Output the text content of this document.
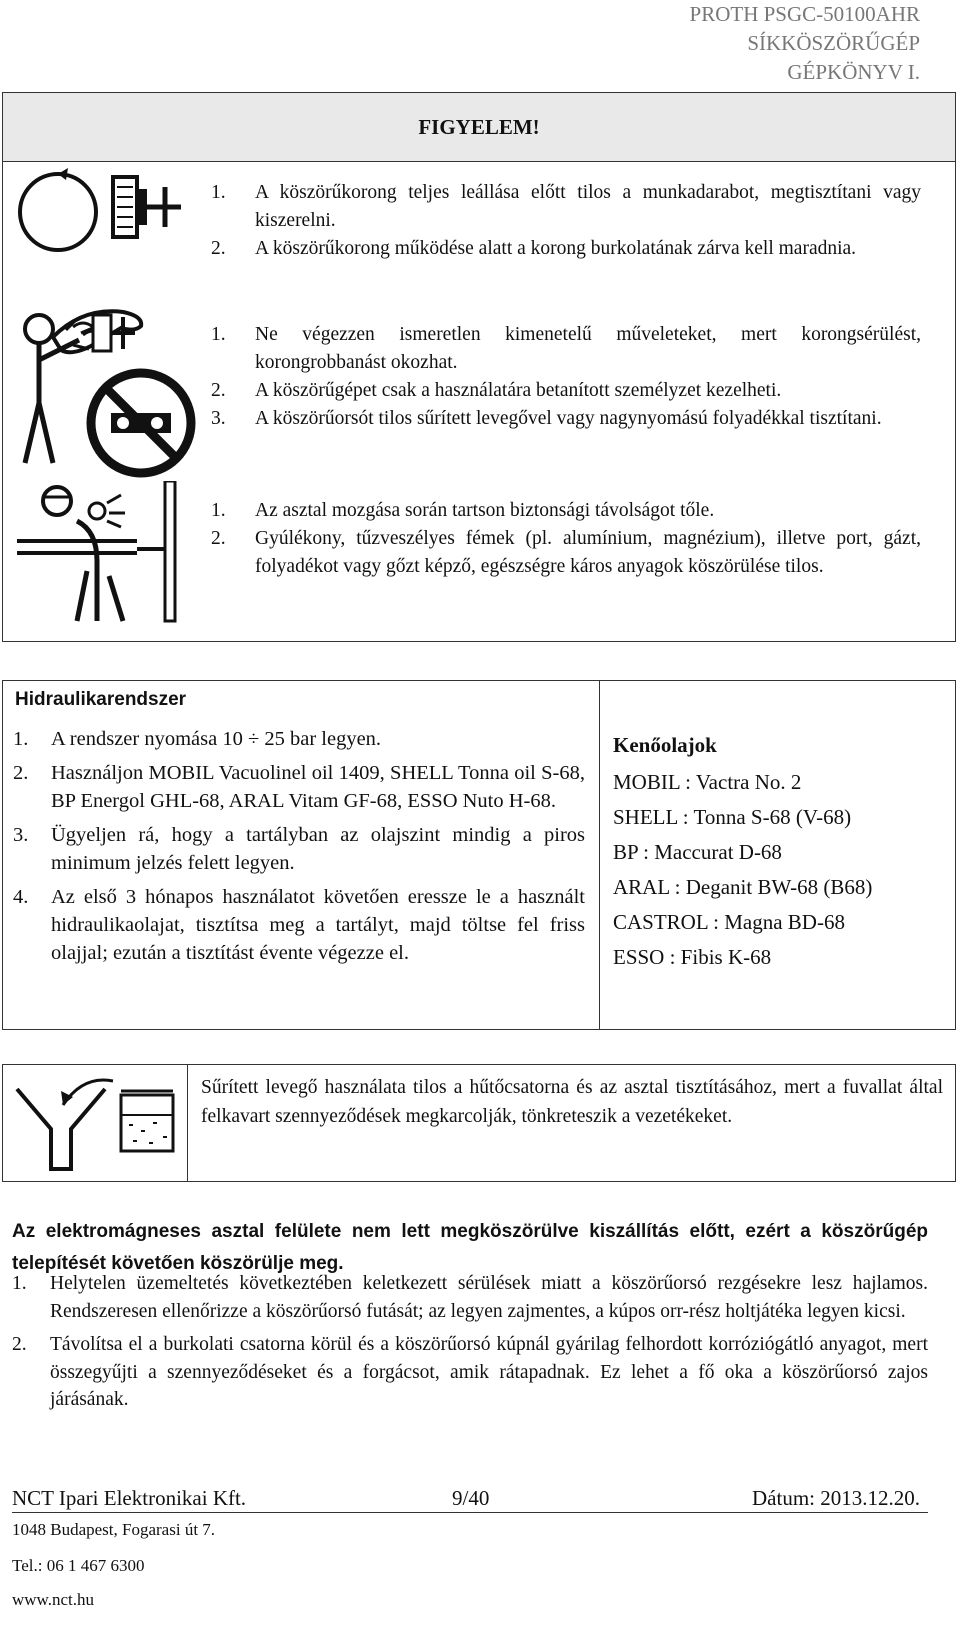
PROTH PSGC-50100AHR
SÍKKÖSZÖRŰGÉP
GÉPKÖNYV I.
FIGYELEM!
1. A köszörűkorong teljes leállása előtt tilos a munkadarabot, megtisztítani vagy kiszerelni.
2. A köszörűkorong működése alatt a korong burkolatának zárva kell maradnia.
1. Ne végezzen ismeretlen kimenetelű műveleteket, mert korongsérülést, korongrobbanást okozhat.
2. A köszörűgépet csak a használatára betanított személyzet kezelheti.
3. A köszörűorsót tilos sűrített levegővel vagy nagynyomású folyadékkal tisztítani.
1. Az asztal mozgása során tartson biztonsági távolságot tőle.
2. Gyúlékony, tűzveszélyes fémek (pl. alumínium, magnézium), illetve port, gázt, folyadékot vagy gőzt képző, egészségre káros anyagok köszörülése tilos.
Hidraulikarendszer
1. A rendszer nyomása 10 ÷ 25 bar legyen.
2. Használjon MOBIL Vacuolinel oil 1409, SHELL Tonna oil S-68, BP Energol GHL-68, ARAL Vitam GF-68, ESSO Nuto H-68.
3. Ügyeljen rá, hogy a tartályban az olajszint mindig a piros minimum jelzés felett legyen.
4. Az első 3 hónapos használatot követően eressze le a használt hidraulikaolajat, tisztítsa meg a tartályt, majd töltse fel friss olajjal; ezután a tisztítást évente végezze el.
Kenőolajok
MOBIL : Vactra No. 2
SHELL : Tonna S-68 (V-68)
BP : Maccurat D-68
ARAL : Deganit BW-68 (B68)
CASTROL : Magna BD-68
ESSO : Fibis K-68
Sűrített levegő használata tilos a hűtőcsatorna és az asztal tisztításához, mert a fuvallat által felkavart szennyeződések megkarcolják, tönkreteszik a vezetékeket.
Az elektromágneses asztal felülete nem lett megköszörülve kiszállítás előtt, ezért a köszörűgép telepítését követően köszörülje meg.
1. Helytelen üzemeltetés következtében keletkezett sérülések miatt a köszörűorsó rezgésekre lesz hajlamos. Rendszeresen ellenőrizze a köszörűorsó futását; az legyen zajmentes, a kúpos orr-rész holtjátéka legyen kicsi.
2. Távolítsa el a burkolati csatorna körül és a köszörűorsó kúpnál gyárilag felhordott korróziógátló anyagot, mert összegyűjti a szennyeződéseket és a forgácsot, amik rátapadnak. Ez lehet a fő oka a köszörűorsó zajos járásának.
NCT Ipari Elektronikai Kft.	9/40	Dátum: 2013.12.20.
1048 Budapest, Fogarasi út 7.
Tel.: 06 1 467 6300
www.nct.hu
